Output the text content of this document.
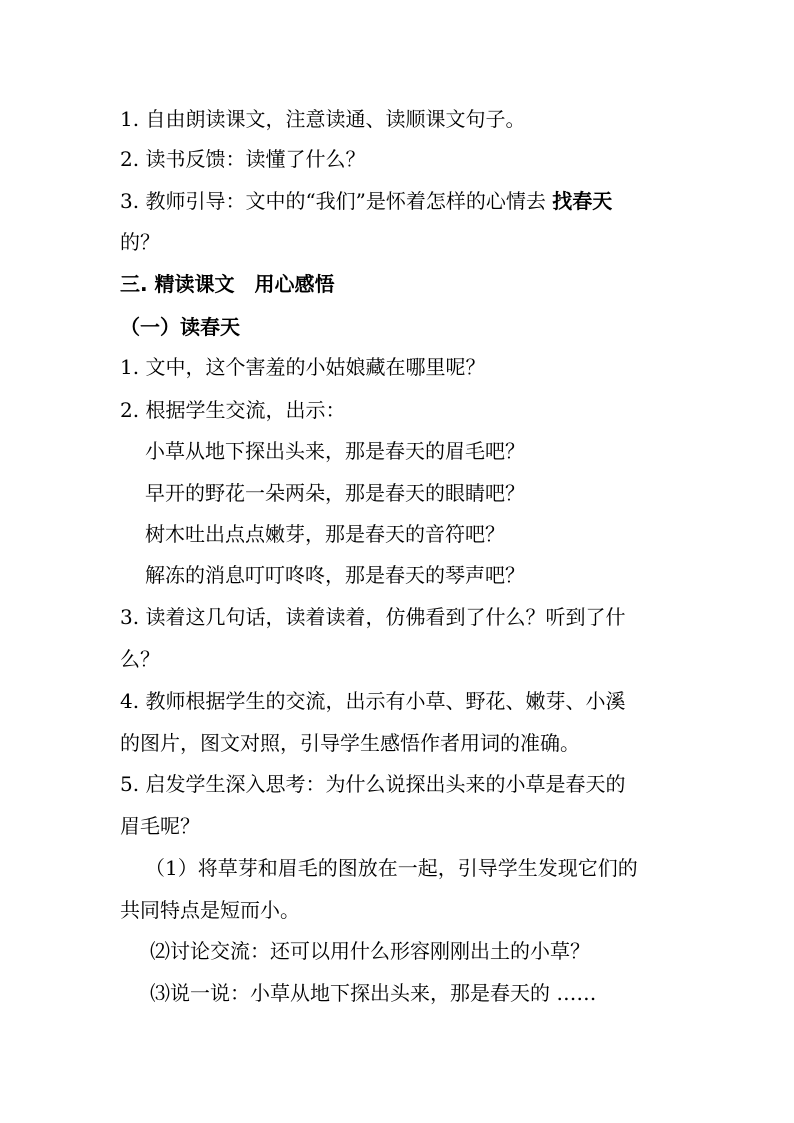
1. 自由朗读课文，注意读通、读顺课文句子。
2. 读书反馈：读懂了什么？
3. 教师引导：文中的“我们”是怀着怎样的心情去 找春天
的？
三. 精读课文　用心感悟
（一）读春天
1. 文中，这个害羞的小姑娘藏在哪里呢？
2. 根据学生交流，出示：
小草从地下探出头来，那是春天的眉毛吧？
早开的野花一朵两朵，那是春天的眼睛吧？
树木吐出点点嫩芽，那是春天的音符吧？
解冻的消息叮叮咚咚，那是春天的琴声吧？
3. 读着这几句话，读着读着，仿佛看到了什么？听到了什
么？
4. 教师根据学生的交流，出示有小草、野花、嫩芽、小溪
的图片，图文对照，引导学生感悟作者用词的准确。
5. 启发学生深入思考：为什么说探出头来的小草是春天的
眉毛呢？
（1）将草芽和眉毛的图放在一起，引导学生发现它们的
共同特点是短而小。
⑵讨论交流：还可以用什么形容刚刚出土的小草？
⑶说一说：小草从地下探出头来，那是春天的 ……
